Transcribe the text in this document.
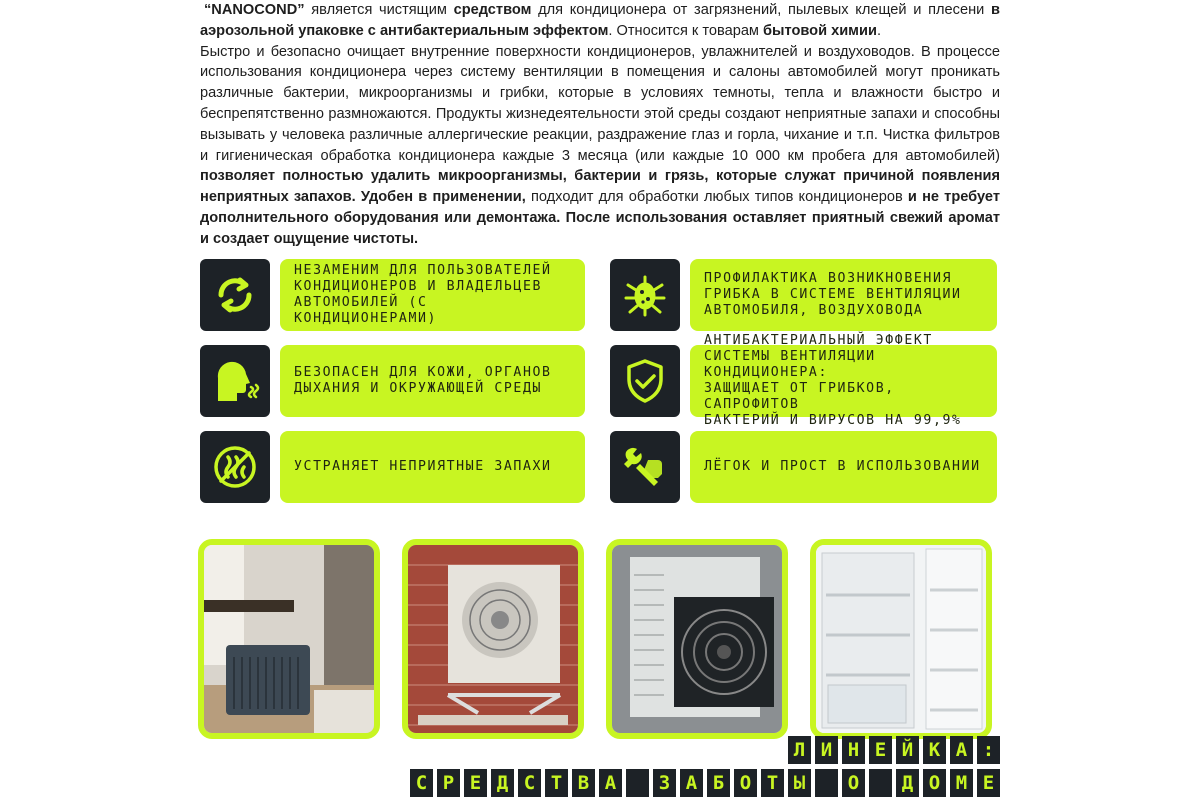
“NANOCOND” является чистящим средством для кондиционера от загрязнений, пылевых клещей и плесени в аэрозольной упаковке с антибактериальным эффектом. Относится к товарам бытовой химии.

Быстро и безопасно очищает внутренние поверхности кондиционеров, увлажнителей и воздуховодов. В процессе использования кондиционера через систему вентиляции в помещения и салоны автомобилей могут проникать различные бактерии, микроорганизмы и грибки, которые в условиях темноты, тепла и влажности быстро и беспрепятственно размножаются. Продукты жизнедеятельности этой среды создают неприятные запахи и способны вызывать у человека различные аллергические реакции, раздражение глаз и горла, чихание и т.п. Чистка фильтров и гигиеническая обработка кондиционера каждые 3 месяца (или каждые 10 000 км пробега для автомобилей) позволяет полностью удалить микроорганизмы, бактерии и грязь, которые служат причиной появления неприятных запахов. Удобен в применении, подходит для обработки любых типов кондиционеров и не требует дополнительного оборудования или демонтажа. После использования оставляет приятный свежий аромат и создает ощущение чистоты.

НЕЗАМЕНИМ ДЛЯ ПОЛЬЗОВАТЕЛЕЙ
КОНДИЦИОНЕРОВ И ВЛАДЕЛЬЦЕВ
АВТОМОБИЛЕЙ (С КОНДИЦИОНЕРАМИ)
ПРОФИЛАКТИКА ВОЗНИКНОВЕНИЯ
ГРИБКА В СИСТЕМЕ ВЕНТИЛЯЦИИ
АВТОМОБИЛЯ, ВОЗДУХОВОДА
БЕЗОПАСЕН ДЛЯ КОЖИ, ОРГАНОВ
ДЫХАНИЯ И ОКРУЖАЮЩЕЙ СРЕДЫ
АНТИБАКТЕРИАЛЬНЫЙ ЭФФЕКТ
СИСТЕМЫ ВЕНТИЛЯЦИИ КОНДИЦИОНЕРА:
ЗАЩИЩАЕТ ОТ ГРИБКОВ, САПРОФИТОВ
БАКТЕРИЙ И ВИРУСОВ НА 99,9%
УСТРАНЯЕТ НЕПРИЯТНЫЕ ЗАПАХИ	ЛЁГОК И ПРОСТ В ИСПОЛЬЗОВАНИИ
С Р Е Д С Т В А	З А Б О Т Ы	О	Д О М Е
Л И Н Е Й К А :
